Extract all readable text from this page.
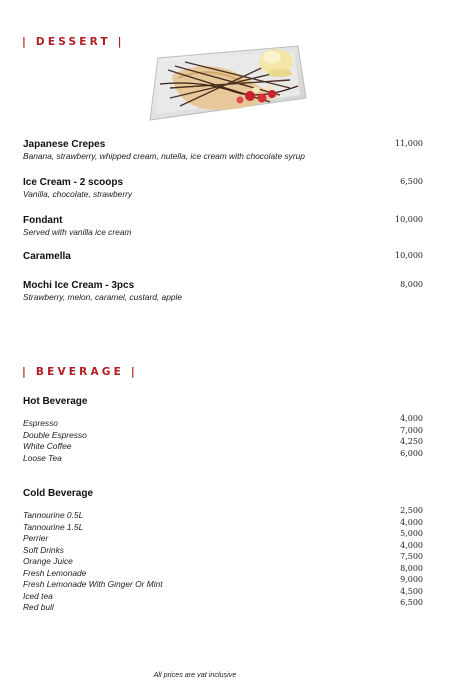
| DESSERT |
Japanese Crepes
Banana, strawberry, whipped cream, nutella, ice cream with chocolate syrup
11,000
Ice Cream - 2 scoops
Vanilla, chocolate, strawberry
6,500
Fondant
Served with vanilla ice cream
10,000
Caramella	10,000
Mochi Ice Cream - 3pcs
Strawberry, melon, caramel, custard, apple
8,000
| BEVERAGE |
Hot Beverage
Espresso	4,000
Double Espresso	7,000
White Coffee	4,250
Loose Tea	6,000
Cold Beverage
Tannourine 0.5L	2,500
Tannourine 1.5L	4,000
Perrier	5,000
Soft Drinks	4,000
Orange Juice	7,500
Fresh Lemonade	8,000
Fresh Lemonade With Ginger Or Mint	9,000
Iced tea	4,500
Red bull	6,500
All prices are vat inclusive
